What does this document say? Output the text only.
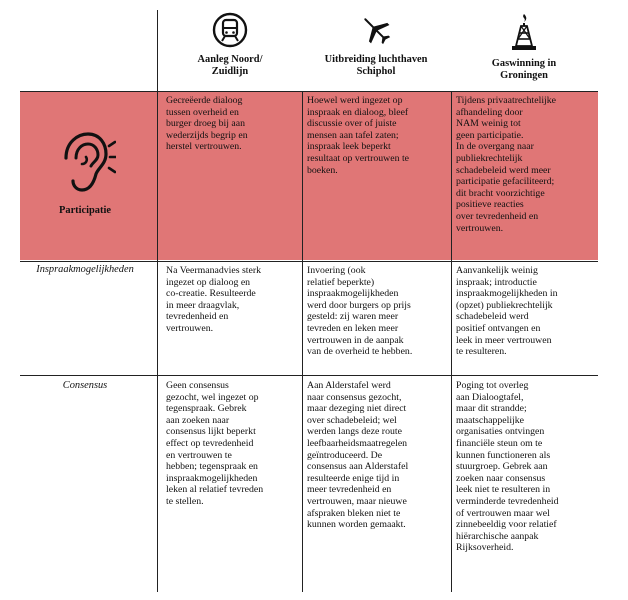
Aanleg Noord/
Zuidlijn
Uitbreiding luchthaven
Schiphol
Gaswinning in
Groningen
Participatie
Gecreëerde dialoog
tussen overheid en
burger droeg bij aan
wederzijds begrip en
herstel vertrouwen.
Hoewel werd ingezet op
inspraak en dialoog, bleef
discussie over of juiste
mensen aan tafel zaten;
inspraak leek beperkt
resultaat op vertrouwen te
boeken.
Tijdens privaatrechtelijke
afhandeling door
NAM weinig tot
geen participatie.
In de overgang naar
publiekrechtelijk
schadebeleid werd meer
participatie gefaciliteerd;
dit bracht voorzichtige
positieve reacties
over tevredenheid en
vertrouwen.
Inspraakmogelijkheden	Na Veermanadvies sterk
ingezet op dialoog en
co-creatie. Resulteerde
in meer draagvlak,
tevredenheid en
vertrouwen.
Invoering (ook
relatief beperkte)
inspraakmogelijkheden
werd door burgers op prijs
gesteld: zij waren meer
tevreden en leken meer
vertrouwen in de aanpak
van de overheid te hebben.
Aanvankelijk weinig
inspraak; introductie
inspraakmogelijkheden in
(opzet) publiekrechtelijk
schadebeleid werd
positief ontvangen en
leek in meer vertrouwen
te resulteren.
Consensus	Geen consensus
gezocht, wel ingezet op
tegenspraak. Gebrek
aan zoeken naar
consensus lijkt beperkt
effect op tevredenheid
en vertrouwen te
hebben; tegenspraak en
inspraakmogelijkheden
leken al relatief tevreden
te stellen.
Aan Alderstafel werd
naar consensus gezocht,
maar dezeging niet direct
over schadebeleid; wel
werden langs deze route
leefbaarheidsmaatregelen
geïntroduceerd. De
consensus aan Alderstafel
resulteerde enige tijd in
meer tevredenheid en
vertrouwen, maar nieuwe
afspraken bleken niet te
kunnen worden gemaakt.
Poging tot overleg
aan Dialoogtafel,
maar dit strandde;
maatschappelijke
organisaties ontvingen
financiële steun om te
kunnen functioneren als
stuurgroep. Gebrek aan
zoeken naar consensus
leek niet te resulteren in
verminderde tevredenheid
of vertrouwen maar wel
zinnebeeldig voor relatief
hiërarchische aanpak
Rijksoverheid.
